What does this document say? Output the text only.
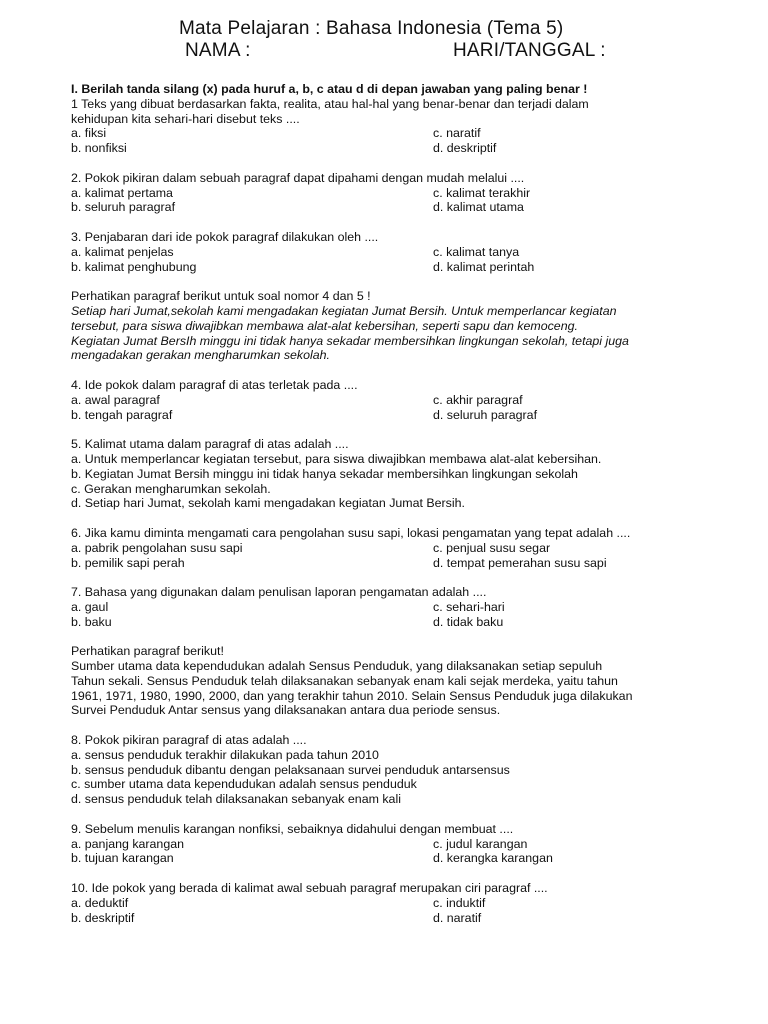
Mata Pelajaran : Bahasa Indonesia (Tema 5)
NAMA :	HARI/TANGGAL :
I. Berilah tanda silang (x) pada huruf a, b, c atau d di depan jawaban yang paling benar !
1 Teks yang dibuat berdasarkan fakta, realita, atau hal-hal yang benar-benar dan terjadi dalam
kehidupan kita sehari-hari disebut teks ....
a. fiksi	c. naratif
b. nonfiksi	d. deskriptif
2. Pokok pikiran dalam sebuah paragraf dapat dipahami dengan mudah melalui ....
a. kalimat pertama	c. kalimat terakhir
b. seluruh paragraf	d. kalimat utama
3. Penjabaran dari ide pokok paragraf dilakukan oleh ....
a. kalimat penjelas	c. kalimat tanya
b. kalimat penghubung	d. kalimat perintah
Perhatikan paragraf berikut untuk soal nomor 4 dan 5 !
Setiap hari Jumat,sekolah kami mengadakan kegiatan Jumat Bersih. Untuk memperlancar kegiatan
tersebut, para siswa diwajibkan membawa alat-alat kebersihan, seperti sapu dan kemoceng.
Kegiatan Jumat BersIh minggu ini tidak hanya sekadar membersihkan lingkungan sekolah, tetapi juga
mengadakan gerakan mengharumkan sekolah.
4. Ide pokok dalam paragraf di atas terletak pada ....
a. awal paragraf	c. akhir paragraf
b. tengah paragraf	d. seluruh paragraf
5. Kalimat utama dalam paragraf di atas adalah ....
a. Untuk memperlancar kegiatan tersebut, para siswa diwajibkan membawa alat-alat kebersihan.
b. Kegiatan Jumat Bersih minggu ini tidak hanya sekadar membersihkan lingkungan sekolah
c. Gerakan mengharumkan sekolah.
d. Setiap hari Jumat, sekolah kami mengadakan kegiatan Jumat Bersih.
6. Jika kamu diminta mengamati cara pengolahan susu sapi, lokasi pengamatan yang tepat adalah ....
a. pabrik pengolahan susu sapi	c. penjual susu segar
b. pemilik sapi perah	d. tempat pemerahan susu sapi
7. Bahasa yang digunakan dalam penulisan laporan pengamatan adalah ....
a. gaul	c. sehari-hari
b. baku	d. tidak baku
Perhatikan paragraf berikut!
Sumber utama data kependudukan adalah Sensus Penduduk, yang dilaksanakan setiap sepuluh
Tahun sekali. Sensus Penduduk telah dilaksanakan sebanyak enam kali sejak merdeka, yaitu tahun
1961, 1971, 1980, 1990, 2000, dan yang terakhir tahun 2010. Selain Sensus Penduduk juga dilakukan
Survei Penduduk Antar sensus yang dilaksanakan antara dua periode sensus.
8. Pokok pikiran paragraf di atas adalah ....
a. sensus penduduk terakhir dilakukan pada tahun 2010
b. sensus penduduk dibantu dengan pelaksanaan survei penduduk antarsensus
c. sumber utama data kependudukan adalah sensus penduduk
d. sensus penduduk telah dilaksanakan sebanyak enam kali
9. Sebelum menulis karangan nonfiksi, sebaiknya didahului dengan membuat ....
a. panjang karangan	c. judul karangan
b. tujuan karangan	d. kerangka karangan
10. Ide pokok yang berada di kalimat awal sebuah paragraf merupakan ciri paragraf ....
a. deduktif	c. induktif
b. deskriptif	d. naratif
